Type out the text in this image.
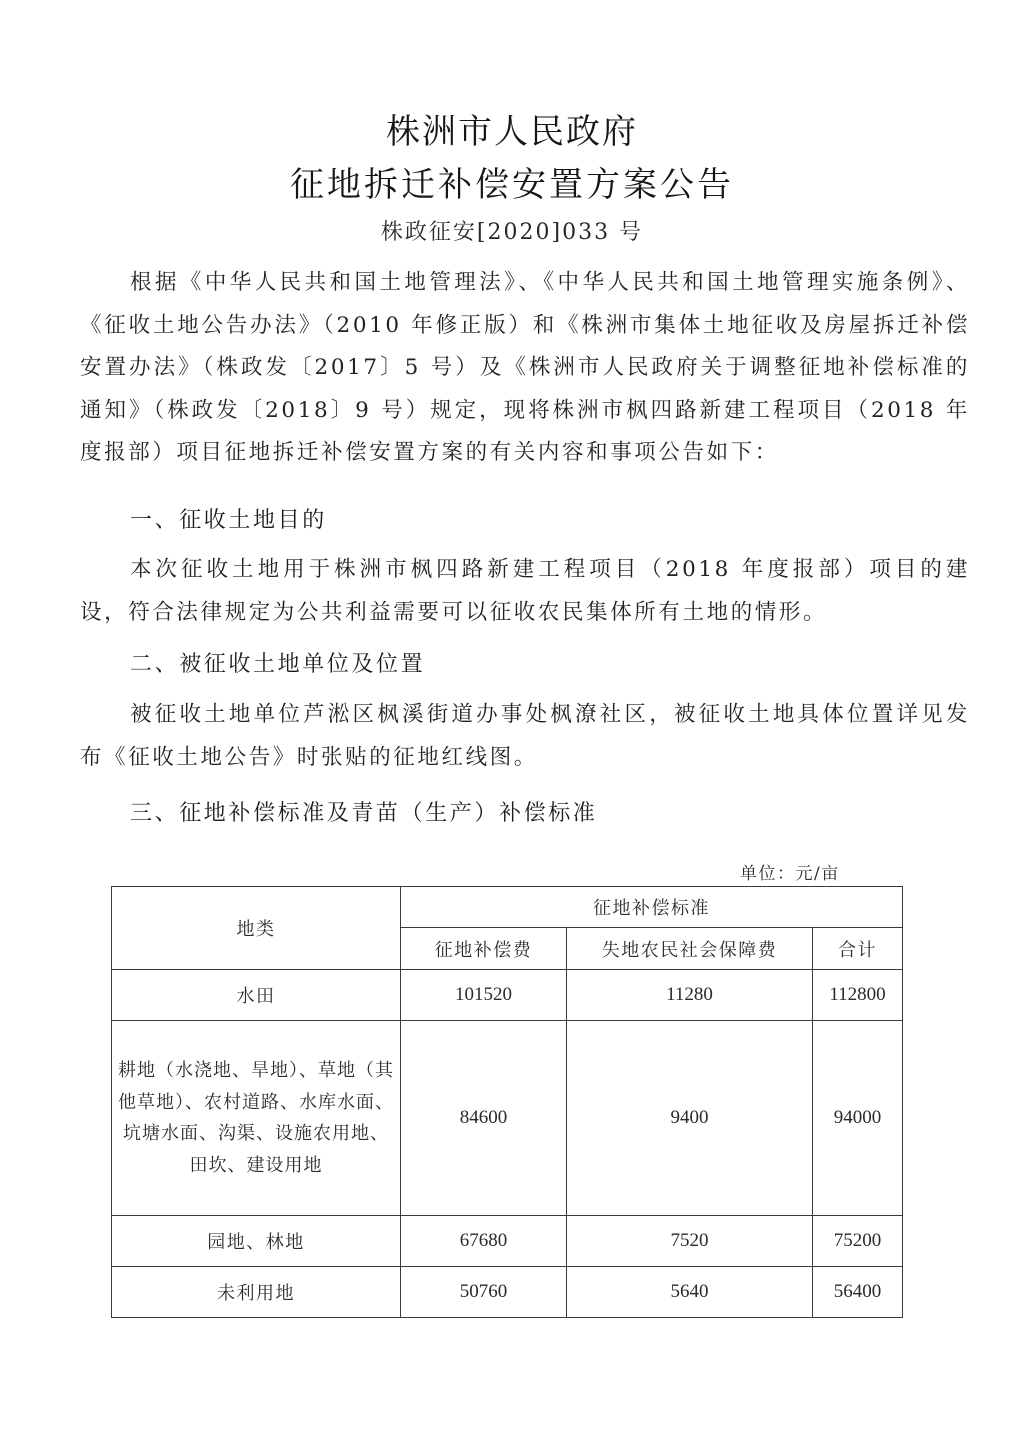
株洲市人民政府
征地拆迁补偿安置方案公告
株政征安[2020]033 号
根据《中华人民共和国土地管理法》、《中华人民共和国土地管理实施条例》、《征收土地公告办法》（2010 年修正版）和《株洲市集体土地征收及房屋拆迁补偿安置办法》（株政发〔2017〕5 号）及《株洲市人民政府关于调整征地补偿标准的通知》（株政发〔2018〕9 号）规定，现将株洲市枫四路新建工程项目（2018 年度报部）项目征地拆迁补偿安置方案的有关内容和事项公告如下：
一、征收土地目的
本次征收土地用于株洲市枫四路新建工程项目（2018 年度报部）项目的建设，符合法律规定为公共利益需要可以征收农民集体所有土地的情形。
二、被征收土地单位及位置
被征收土地单位芦淞区枫溪街道办事处枫潦社区，被征收土地具体位置详见发布《征收土地公告》时张贴的征地红线图。
三、征地补偿标准及青苗（生产）补偿标准
单位：元/亩
地类	征地补偿标准		
	征地补偿费	失地农民社会保障费	合计
水田	101520	11280	112800
耕地（水浇地、旱地）、草地（其他草地）、农村道路、水库水面、坑塘水面、沟渠、设施农用地、田坎、建设用地	84600	9400	94000
园地、林地	67680	7520	75200
未利用地	50760	5640	56400
